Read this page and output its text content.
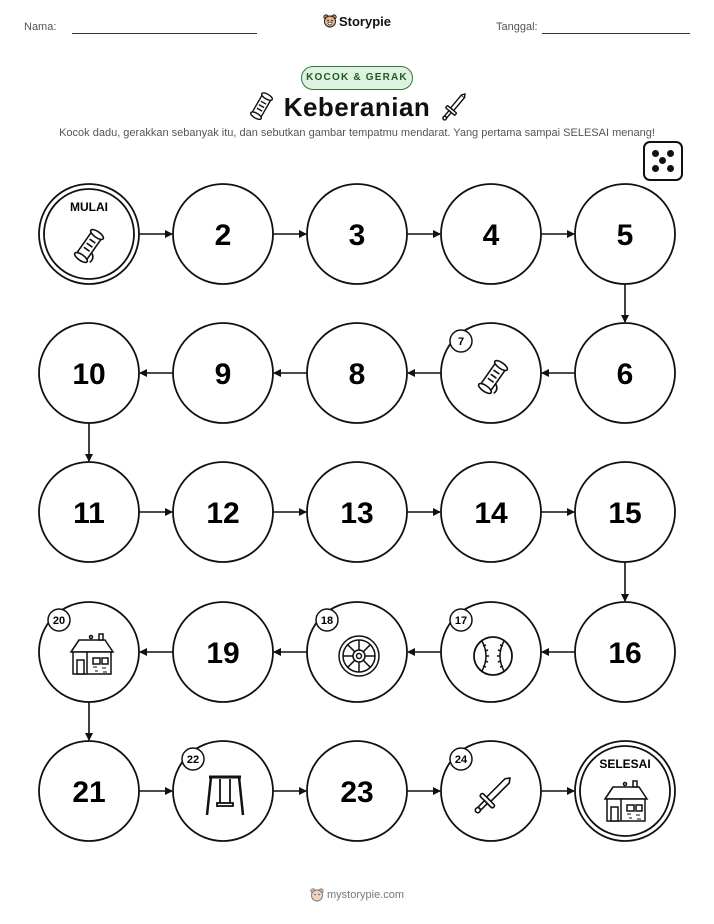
Nama:	Storypie	Tanggal:
KOCOK & GERAK
Keberanian
Kocok dadu, gerakkan sebanyak itu, dan sebutkan gambar tempatmu mendarat. Yang pertama sampai SELESAI menang!
MULAI
2	3	4	5
6
7
8
9
10
11	12	13	14	15
16
17
18
19
20
21
22
23
24	SELESAI
mystorypie.com
